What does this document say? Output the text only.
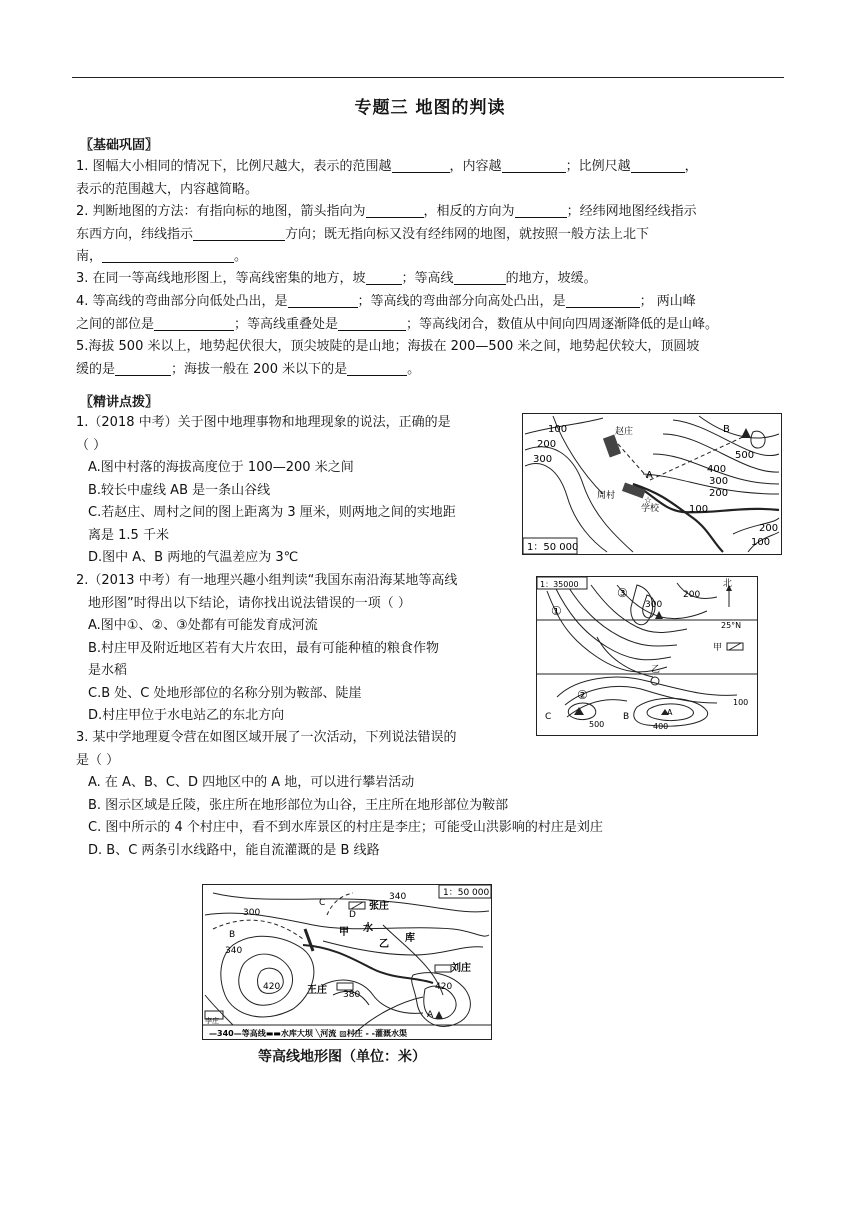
专题三 地图的判读
〖基础巩固〗
1. 图幅大小相同的情况下，比例尺越大，表示的范围越	，内容越	；比例尺越	，
表示的范围越大，内容越简略。
2. 判断地图的方法：有指向标的地图，箭头指向为	，相反的方向为	；经纬网地图经线指示
东西方向，纬线指示	方向；既无指向标又没有经纬网的地图，就按照一般方法上北下
南，	。
3. 在同一等高线地形图上，等高线密集的地方，坡	；等高线	的地方，坡缓。
4. 等高线的弯曲部分向低处凸出，是	；等高线的弯曲部分向高处凸出，是	； 两山峰
之间的部位是	；等高线重叠处是	；等高线闭合，数值从中间向四周逐渐降低的是山峰。
5.海拔 500 米以上，地势起伏很大，顶尖坡陡的是山地；海拔在 200—500 米之间，地势起伏较大，顶圆坡
缓的是	；海拔一般在 200 米以下的是	。
〖精讲点拨〗
1.（2018 中考）关于图中地理事物和地理现象的说法，正确的是
（ ）
A.图中村落的海拔高度位于 100—200 米之间
B.较长中虚线 AB 是一条山谷线
C.若赵庄、周村之间的图上距离为 3 厘米，则两地之间的实地距
离是 1.5 千米
D.图中 A、B 两地的气温差应为 3℃
2.（2013 中考）有一地理兴趣小组判读“我国东南沿海某地等高线
地形图”时得出以下结论，请你找出说法错误的一项（ ）
A.图中①、②、③处都有可能发育成河流
B.村庄甲及附近地区若有大片农田，最有可能种植的粮食作物
是水稻
C.B 处、C 处地形部位的名称分别为鞍部、陡崖
D.村庄甲位于水电站乙的东北方向
3. 某中学地理夏令营在如图区域开展了一次活动，下列说法错误的
是（ ）
A. 在 A、B、C、D 四地区中的 A 地，可以进行攀岩活动
B. 图示区域是丘陵，张庄所在地形部位为山谷，王庄所在地形部位为鞍部
C. 图中所示的 4 个村庄中，看不到水库景区的村庄是李庄；可能受山洪影响的村庄是刘庄
D. B、C 两条引水线路中，能自流灌溉的是 B 线路
A
B
赵庄
周村
学校
☆
100
200
300	500
400
300
200
100
200
100
1：50 000
1：35000	北
25°N
甲
①
②
③
乙
B
C	A
300
200
500	400
100
1：50 000
张庄
C
B
D
甲 水
乙
库
刘庄
王庄
A
李庄
340
300
340
420
380
420
—340—等高线▬▬水库大坝 ╲河流 ▨村庄 - -灌溉水渠
等高线地形图（单位：米）
